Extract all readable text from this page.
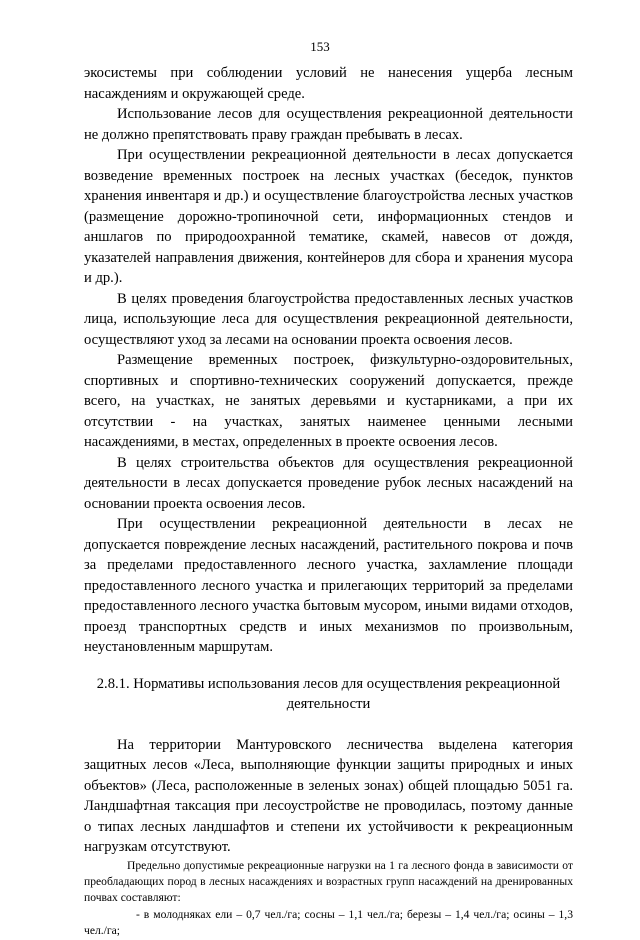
153

экосистемы при соблюдении условий не нанесения ущерба лесным насаждениям и окружающей среде.

Использование лесов для осуществления рекреационной деятельности не должно препятствовать праву граждан пребывать в лесах.

При осуществлении рекреационной деятельности в лесах допускается возведение временных построек на лесных участках (беседок, пунктов хранения инвентаря и др.) и осуществление благоустройства лесных участков (размещение дорожно-тропиночной сети, информационных стендов и аншлагов по природоохранной тематике, скамей, навесов от дождя, указателей направления движения, контейнеров для сбора и хранения мусора и др.).

В целях проведения благоустройства предоставленных лесных участков лица, использующие леса для осуществления рекреационной деятельности, осуществляют уход за лесами на основании проекта освоения лесов.

Размещение временных построек, физкультурно-оздоровительных, спортивных и спортивно-технических сооружений допускается, прежде всего, на участках, не занятых деревьями и кустарниками, а при их отсутствии - на участках, занятых наименее ценными лесными насаждениями, в местах, определенных в проекте освоения лесов.

В целях строительства объектов для осуществления рекреационной деятельности в лесах допускается проведение рубок лесных насаждений на основании проекта освоения лесов.

При осуществлении рекреационной деятельности в лесах не допускается повреждение лесных насаждений, растительного покрова и почв за пределами предоставленного лесного участка, захламление площади предоставленного лесного участка и прилегающих территорий за пределами предоставленного лесного участка бытовым мусором, иными видами отходов, проезд транспортных средств и иных механизмов по произвольным, неустановленным маршрутам.

2.8.1. Нормативы использования лесов для осуществления рекреационной деятельности

На территории Мантуровского лесничества выделена категория защитных лесов «Леса, выполняющие функции защиты природных и иных объектов» (Леса, расположенные в зеленых зонах) общей площадью 5051 га. Ландшафтная таксация при лесоустройстве не проводилась, поэтому данные о типах лесных ландшафтов и степени их устойчивости к рекреационным нагрузкам отсутствуют.

Предельно допустимые рекреационные нагрузки на 1 га лесного фонда в зависимости от преобладающих пород в лесных насаждениях и возрастных групп насаждений на дренированных почвах составляют:

- в молодняках ели – 0,7 чел./га; сосны – 1,1 чел./га; березы – 1,4 чел./га; осины – 1,3 чел./га;
